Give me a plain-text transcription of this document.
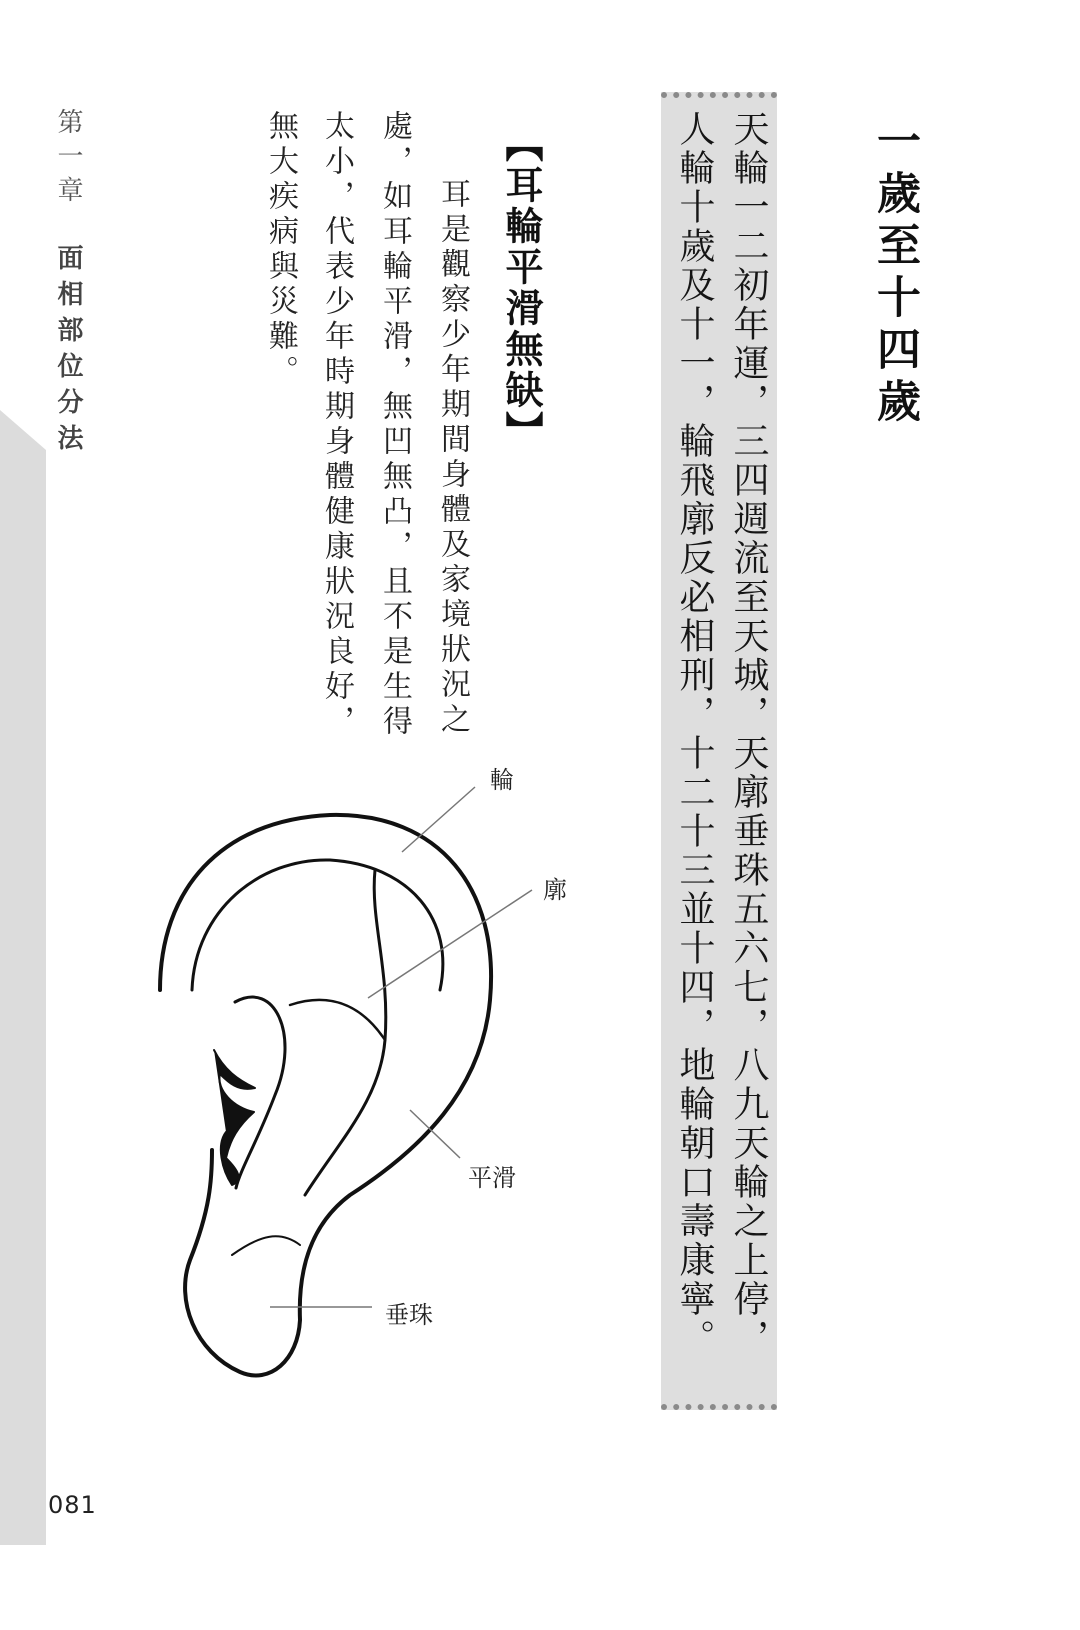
第一章
面相部位分法
081
一歲至十四歲
天輪一二初年運，三四週流至天城，天廓垂珠五六七，八九天輪之上停，
人輪十歲及十一，輪飛廓反必相刑，十二十三並十四，地輪朝口壽康寧。
【耳輪平滑無缺】
耳是觀察少年期間身體及家境狀況之
處，如耳輪平滑，無凹無凸，且不是生得
太小，代表少年時期身體健康狀況良好，
無大疾病與災難。
輪
廓
平滑
垂珠
